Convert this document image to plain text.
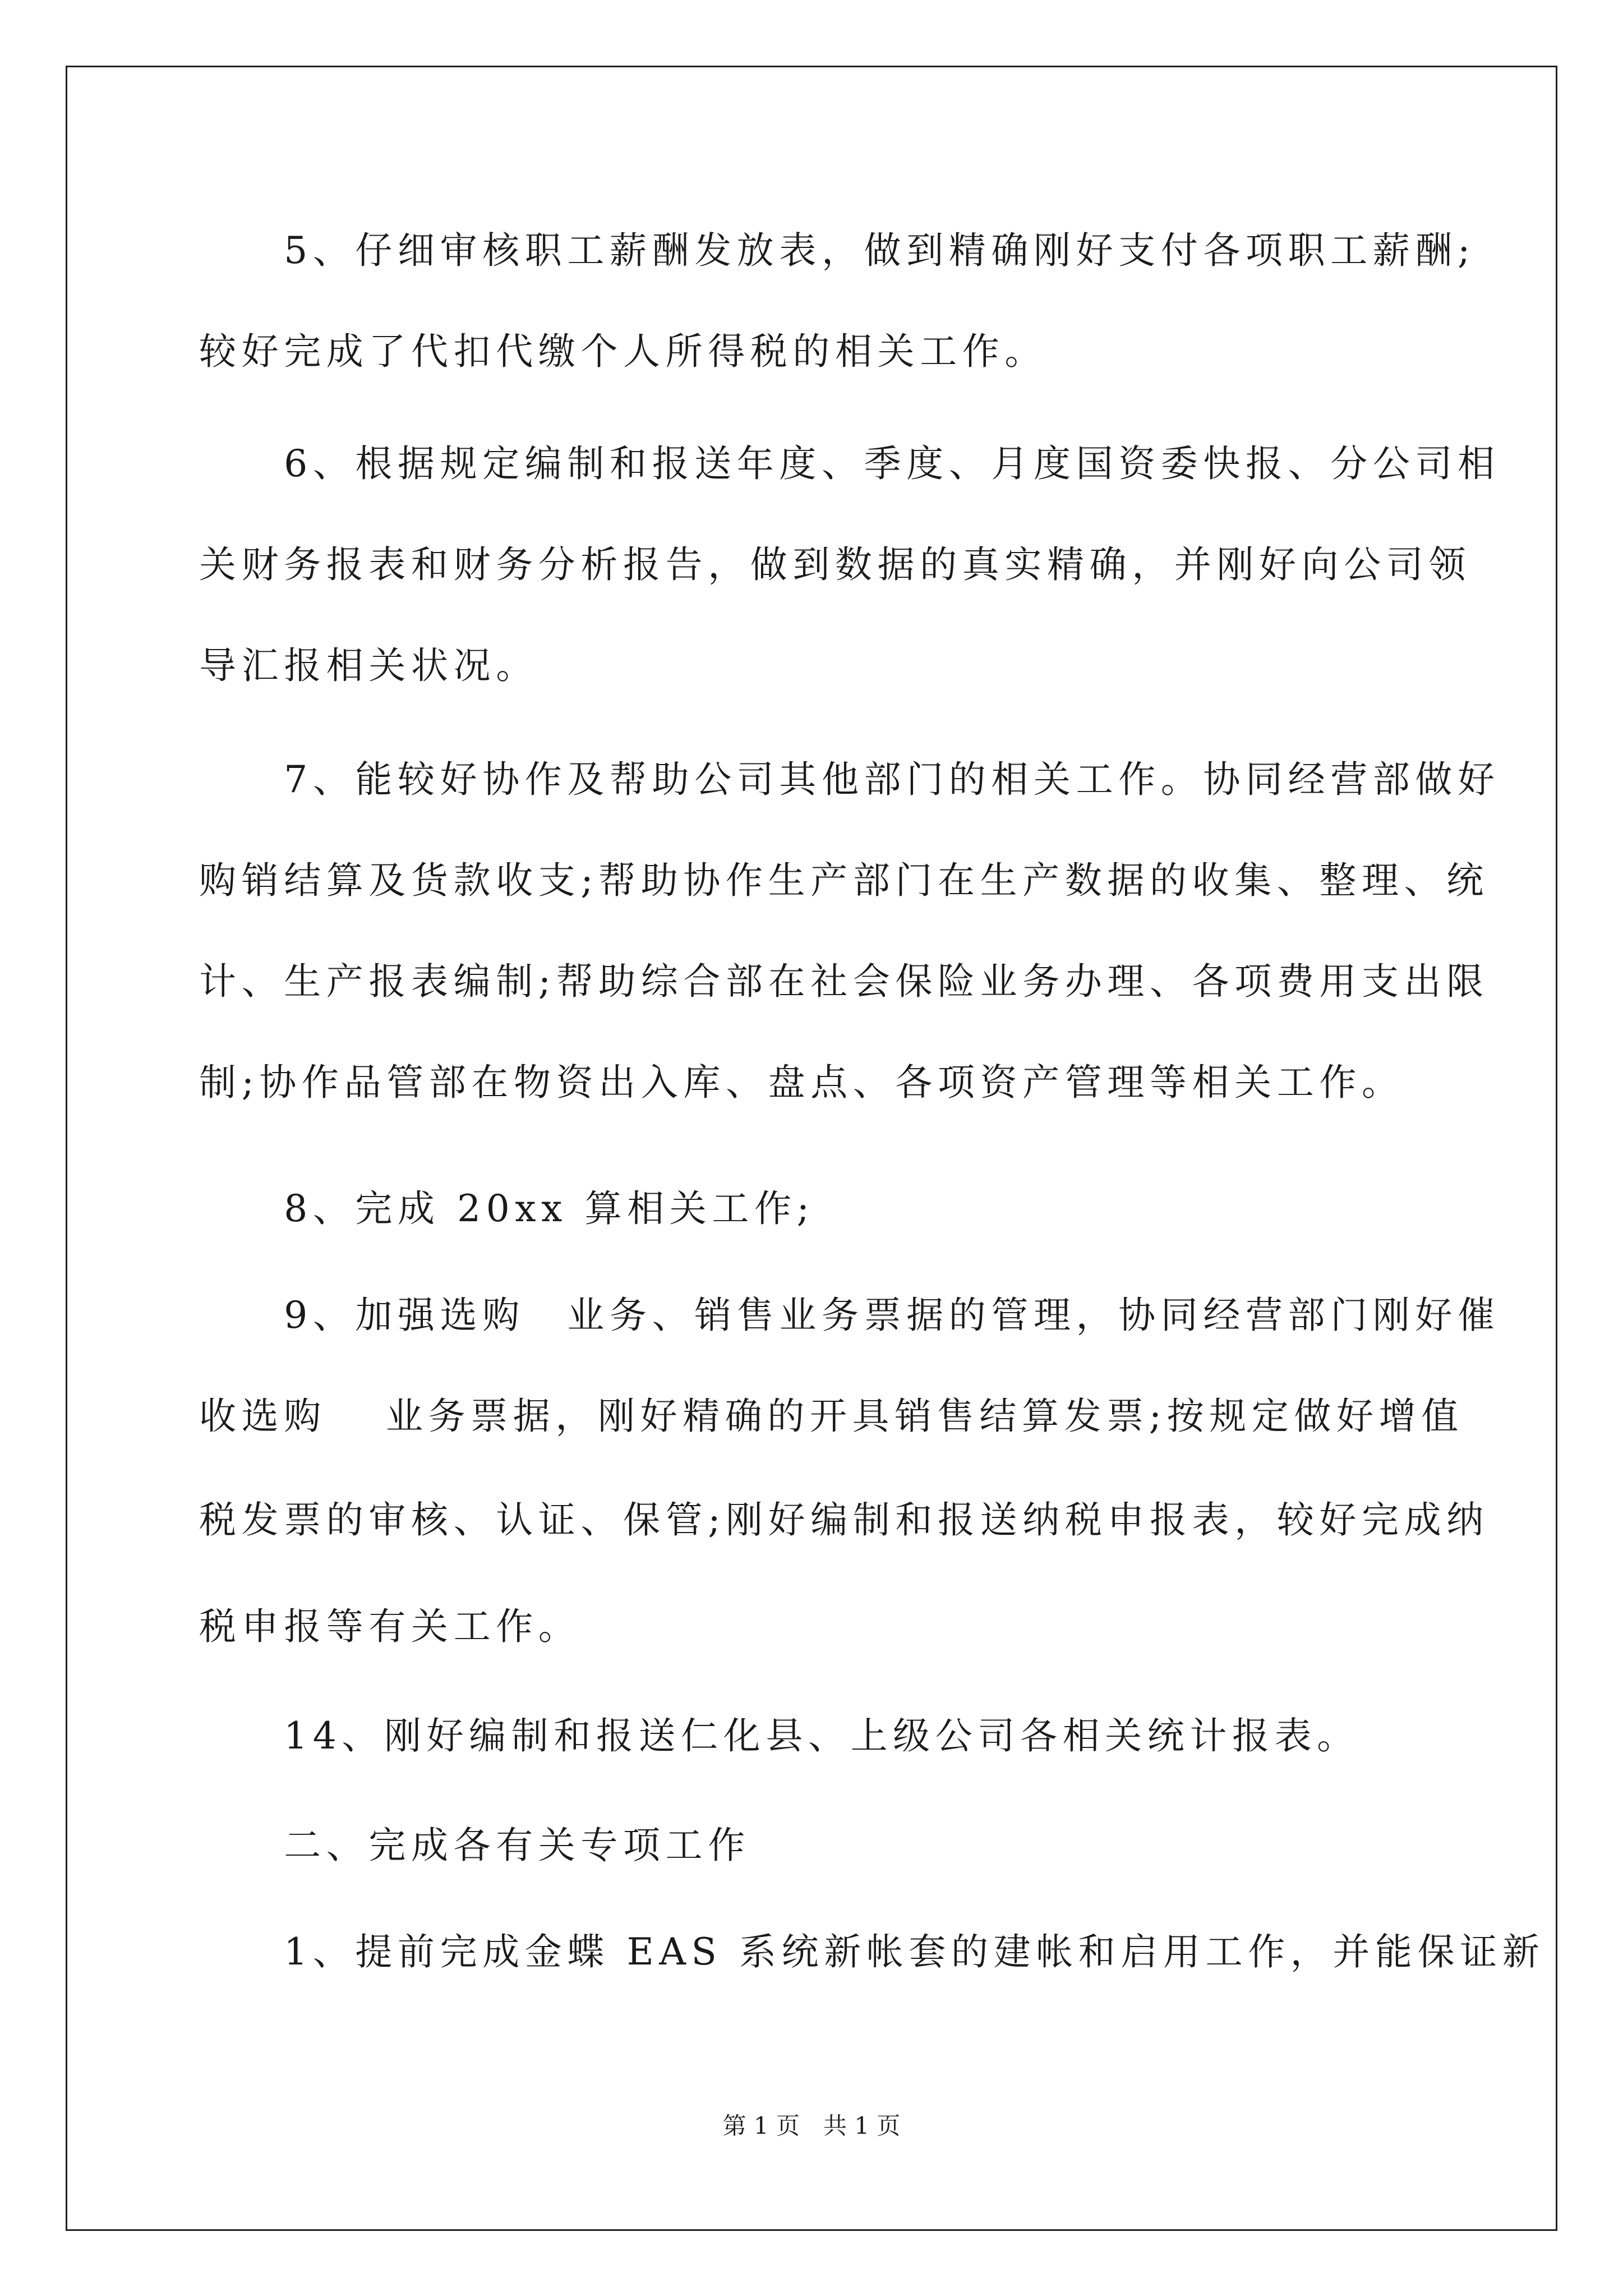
　　5、仔细审核职工薪酬发放表，做到精确刚好支付各项职工薪酬;
较好完成了代扣代缴个人所得税的相关工作。
　　6、根据规定编制和报送年度、季度、月度国资委快报、分公司相
关财务报表和财务分析报告，做到数据的真实精确，并刚好向公司领
导汇报相关状况。
　　7、能较好协作及帮助公司其他部门的相关工作。协同经营部做好
购销结算及货款收支;帮助协作生产部门在生产数据的收集、整理、统
计、生产报表编制;帮助综合部在社会保险业务办理、各项费用支出限
制;协作品管部在物资出入库、盘点、各项资产管理等相关工作。
　　8、完成 20xx 算相关工作;
　　9、加强选购　业务、销售业务票据的管理，协同经营部门刚好催
收选购　 业务票据，刚好精确的开具销售结算发票;按规定做好增值
税发票的审核、认证、保管;刚好编制和报送纳税申报表，较好完成纳
税申报等有关工作。
　　14、刚好编制和报送仁化县、上级公司各相关统计报表。
　　二、完成各有关专项工作
　　1、提前完成金蝶 EAS 系统新帐套的建帐和启用工作，并能保证新
第 1 页　共 1 页
